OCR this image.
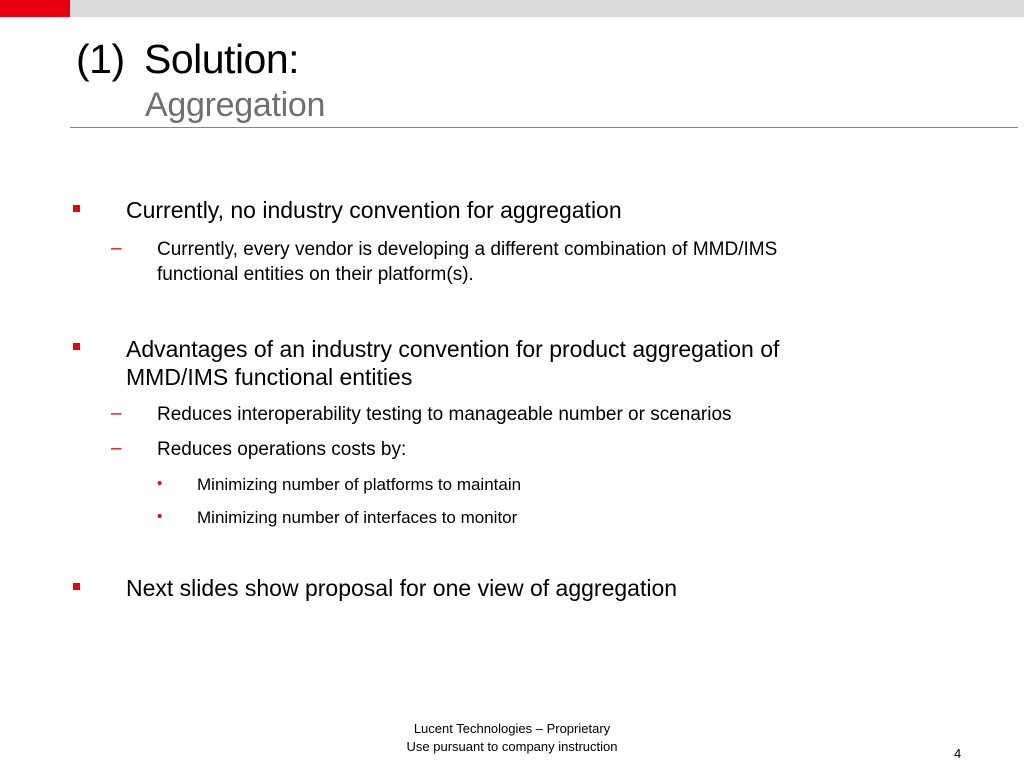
(1) Solution:
Aggregation
Currently, no industry convention for aggregation
– Currently, every vendor is developing a different combination of MMD/IMS
functional entities on their platform(s).
Advantages of an industry convention for product aggregation of
MMD/IMS functional entities
– Reduces interoperability testing to manageable number or scenarios
– Reduces operations costs by:
• Minimizing number of platforms to maintain
• Minimizing number of interfaces to monitor
Next slides show proposal for one view of aggregation
Lucent Technologies – Proprietary
Use pursuant to company instruction	4
